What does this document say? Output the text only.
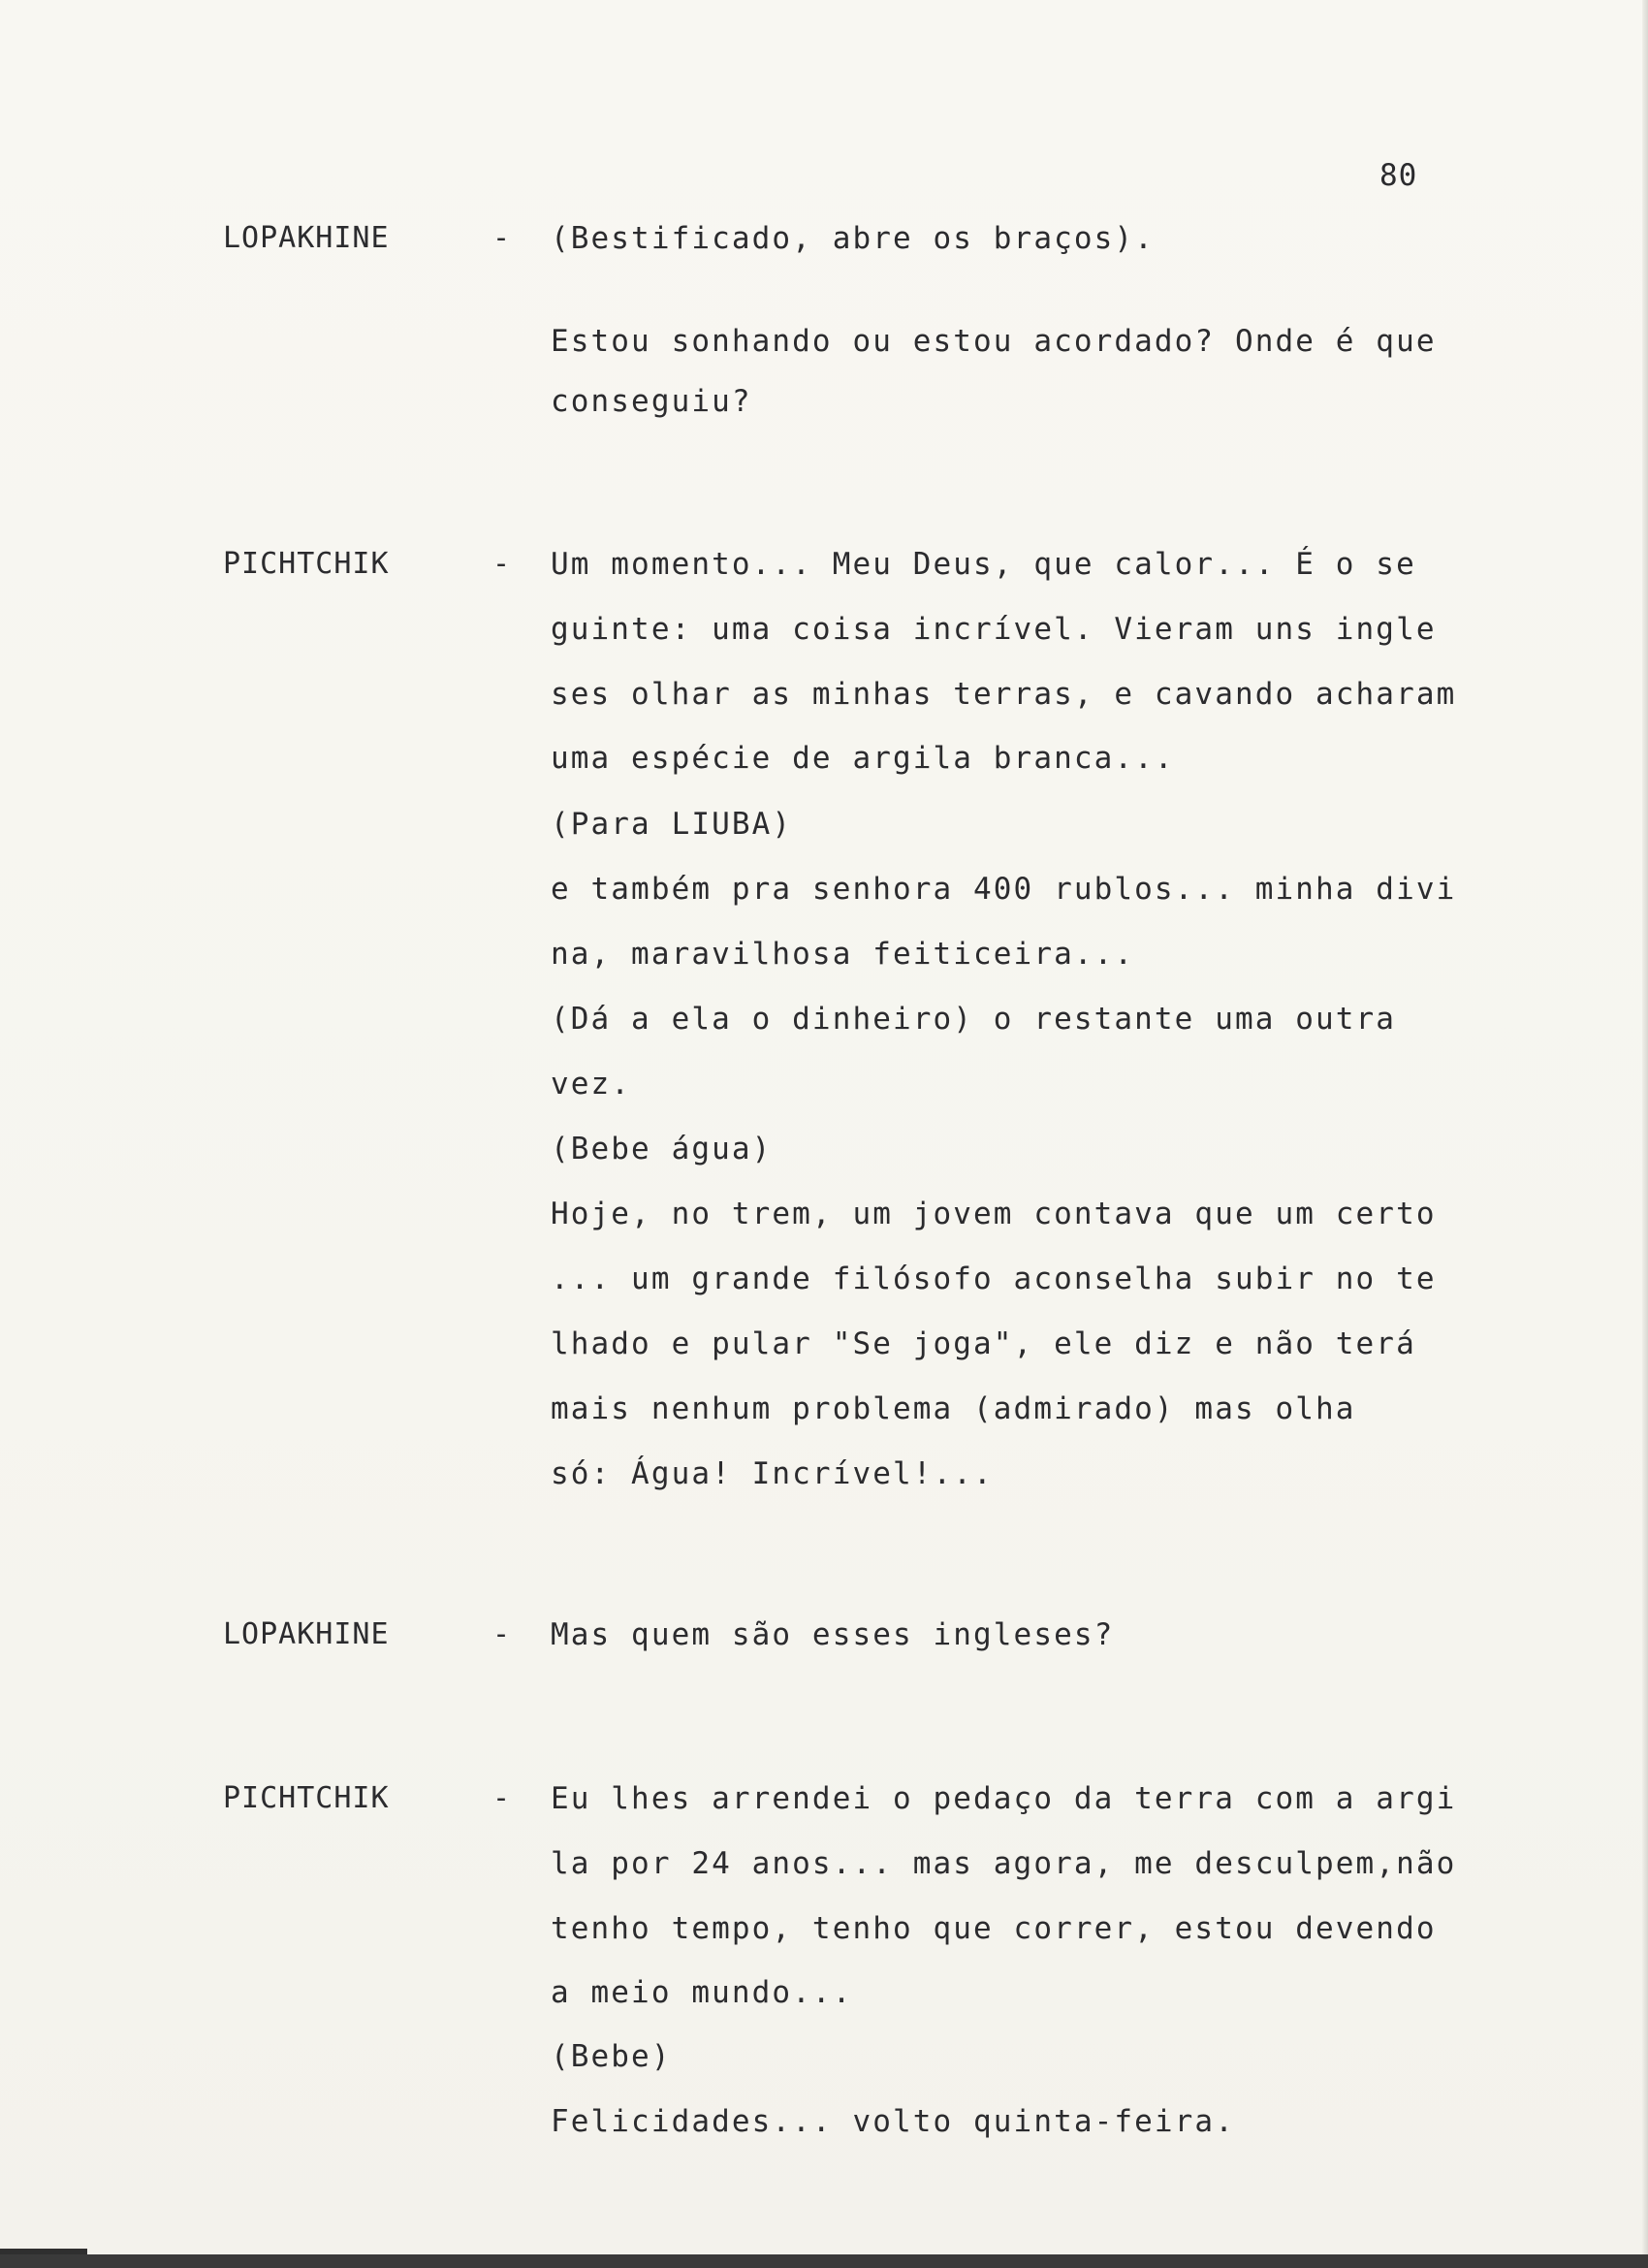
80
LOPAKHINE	- (Bestificado, abre os braços).
Estou sonhando ou estou acordado? Onde é que
conseguiu?
PICHTCHIK	- Um momento... Meu Deus, que calor... É o se
guinte: uma coisa incrível. Vieram uns ingle
ses olhar as minhas terras, e cavando acharam
uma espécie de argila branca...
(Para LIUBA)
e também pra senhora 400 rublos... minha divi
na, maravilhosa feiticeira...
(Dá a ela o dinheiro) o restante uma outra
vez.
(Bebe água)
Hoje, no trem, um jovem contava que um certo
... um grande filósofo aconselha subir no te
lhado e pular "Se joga", ele diz e não terá
mais nenhum problema (admirado) mas olha
só: Água! Incrível!...
LOPAKHINE	- Mas quem são esses ingleses?
PICHTCHIK	- Eu lhes arrendei o pedaço da terra com a argi
la por 24 anos... mas agora, me desculpem,não
tenho tempo, tenho que correr, estou devendo
a meio mundo...
(Bebe)
Felicidades... volto quinta-feira.
